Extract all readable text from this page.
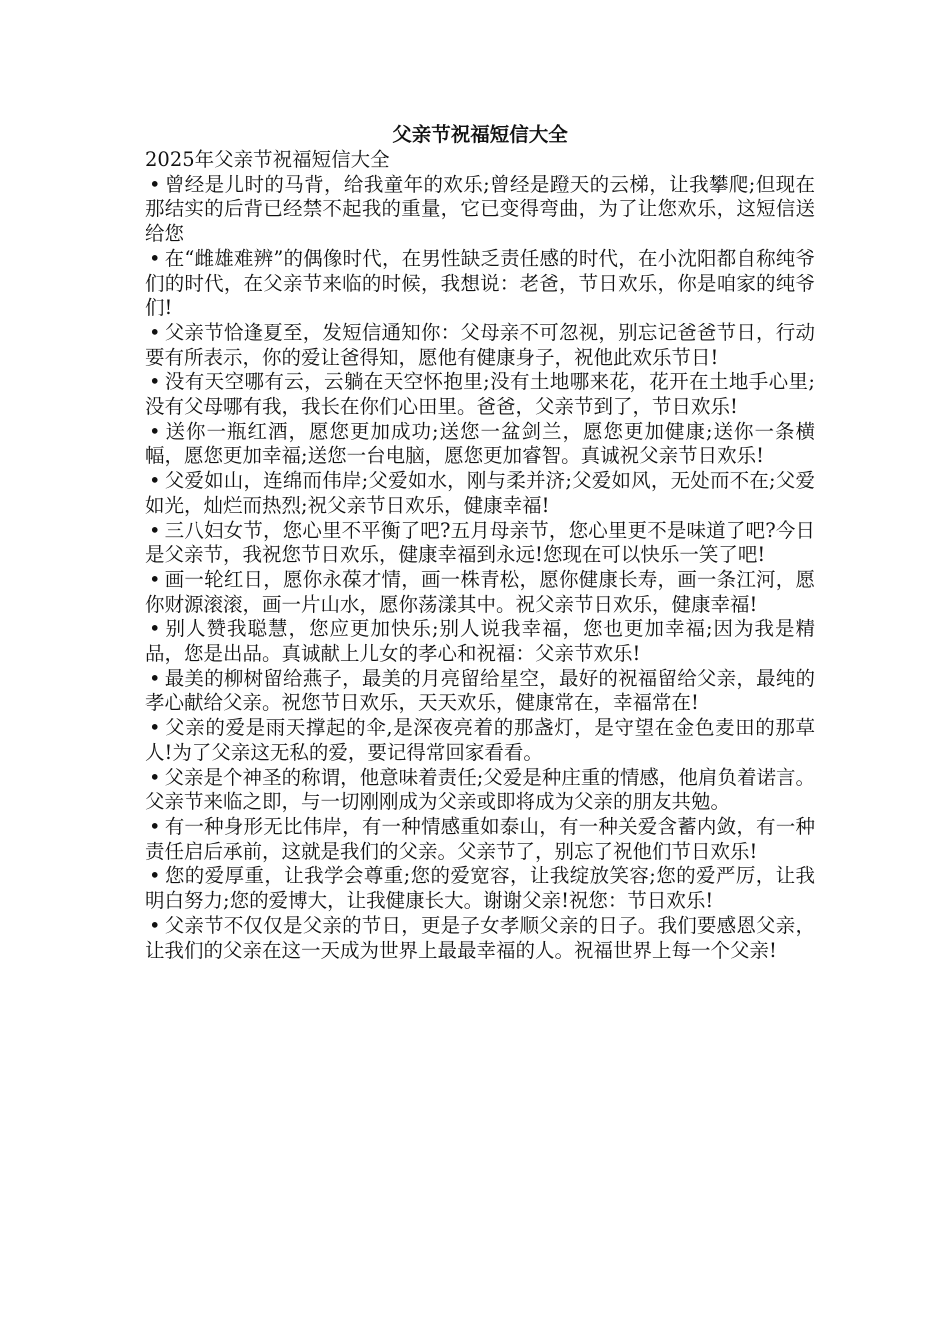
父亲节祝福短信大全

2025年父亲节祝福短信大全

• 曾经是儿时的马背，给我童年的欢乐;曾经是蹬天的云梯，让我攀爬;但现在那结实的后背已经禁不起我的重量，它已变得弯曲，为了让您欢乐，这短信送给您

• 在“雌雄难辨”的偶像时代，在男性缺乏责任感的时代，在小沈阳都自称纯爷们的时代，在父亲节来临的时候，我想说：老爸，节日欢乐，你是咱家的纯爷们!

• 父亲节恰逢夏至，发短信通知你：父母亲不可忽视，别忘记爸爸节日，行动要有所表示，你的爱让爸得知，愿他有健康身子，祝他此欢乐节日!

• 没有天空哪有云，云躺在天空怀抱里;没有土地哪来花，花开在土地手心里;没有父母哪有我，我长在你们心田里。爸爸，父亲节到了，节日欢乐!

• 送你一瓶红酒，愿您更加成功;送您一盆剑兰，愿您更加健康;送你一条横幅，愿您更加幸福;送您一台电脑，愿您更加睿智。真诚祝父亲节日欢乐!

• 父爱如山，连绵而伟岸;父爱如水，刚与柔并济;父爱如风，无处而不在;父爱如光，灿烂而热烈;祝父亲节日欢乐，健康幸福!

• 三八妇女节，您心里不平衡了吧?五月母亲节，您心里更不是味道了吧?今日是父亲节，我祝您节日欢乐，健康幸福到永远!您现在可以快乐一笑了吧!

• 画一轮红日，愿你永葆才情，画一株青松，愿你健康长寿，画一条江河，愿你财源滚滚，画一片山水，愿你荡漾其中。祝父亲节日欢乐，健康幸福!

• 别人赞我聪慧，您应更加快乐;别人说我幸福，您也更加幸福;因为我是精品，您是出品。真诚献上儿女的孝心和祝福：父亲节欢乐!

• 最美的柳树留给燕子，最美的月亮留给星空，最好的祝福留给父亲，最纯的孝心献给父亲。祝您节日欢乐，天天欢乐，健康常在，幸福常在!

• 父亲的爱是雨天撑起的伞,是深夜亮着的那盏灯，是守望在金色麦田的那草人!为了父亲这无私的爱，要记得常回家看看。

• 父亲是个神圣的称谓，他意味着责任;父爱是种庄重的情感，他肩负着诺言。父亲节来临之即，与一切刚刚成为父亲或即将成为父亲的朋友共勉。

• 有一种身形无比伟岸，有一种情感重如泰山，有一种关爱含蓄内敛，有一种责任启后承前，这就是我们的父亲。父亲节了，别忘了祝他们节日欢乐!

• 您的爱厚重，让我学会尊重;您的爱宽容，让我绽放笑容;您的爱严厉，让我明白努力;您的爱博大，让我健康长大。谢谢父亲!祝您：节日欢乐!

• 父亲节不仅仅是父亲的节日，更是子女孝顺父亲的日子。我们要感恩父亲，让我们的父亲在这一天成为世界上最最幸福的人。祝福世界上每一个父亲!
